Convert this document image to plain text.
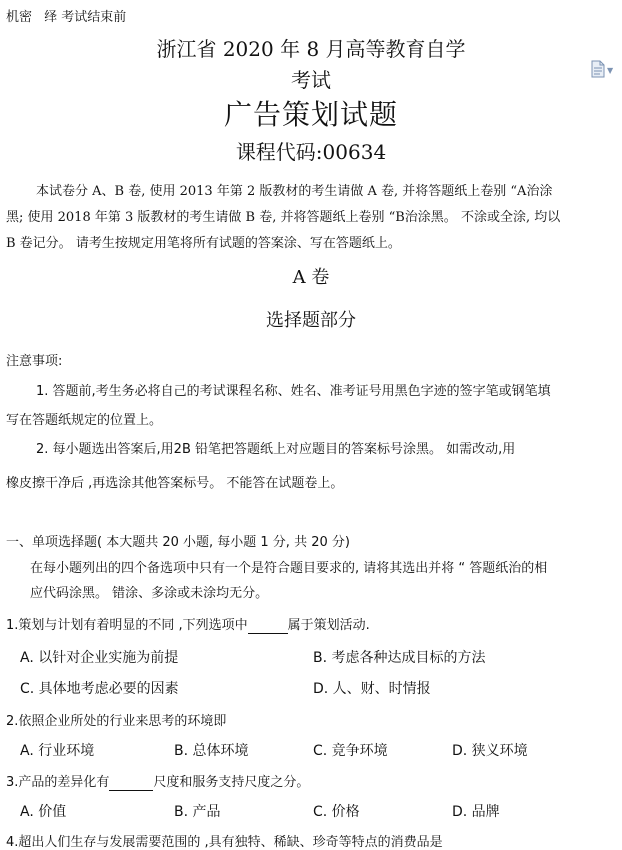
机密 绎 考试结束前
浙江省 2020 年 8 月高等教育自学
考试
广告策划试题
课程代码:00634
▼
本试卷分 A、B 卷, 使用 2013 年第 2 版教材的考生请做 A 卷, 并将答题纸上卷别 “A治涂
黑; 使用 2018 年第 3 版教材的考生请做 B 卷, 并将答题纸上卷别 “B治涂黑。 不涂或全涂, 均以
B 卷记分。 请考生按规定用笔将所有试题的答案涂、写在答题纸上。
A 卷
选择题部分
注意事项:
1. 答题前,考生务必将自己的考试课程名称、姓名、准考证号用黑色字迹的签字笔或钢笔填
写在答题纸规定的位置上。
2. 每小题选出答案后,用2B 铅笔把答题纸上对应题目的答案标号涂黑。 如需改动,用
橡皮擦干净后 ,再选涂其他答案标号。 不能答在试题卷上。
一、单项选择题( 本大题共 20 小题, 每小题 1 分, 共 20 分)
在每小题列出的四个备选项中只有一个是符合题目要求的, 请将其选出并将 “ 答题纸治的相
应代码涂黑。 错涂、多涂或未涂均无分。
1.策划与计划有着明显的不同 ,下列选项中	属于策划活动.
A. 以针对企业实施为前提	B. 考虑各种达成目标的方法
C. 具体地考虑必要的因素	D. 人、财、时情报
2.依照企业所处的行业来思考的环境即
A. 行业环境	B. 总体环境	C. 竞争环境	D. 狭义环境
3.产品的差异化有	尺度和服务支持尺度之分。
A. 价值	B. 产品	C. 价格	D. 品牌
4.超出人们生存与发展需要范围的 ,具有独特、稀缺、珍奇等特点的消费品是
